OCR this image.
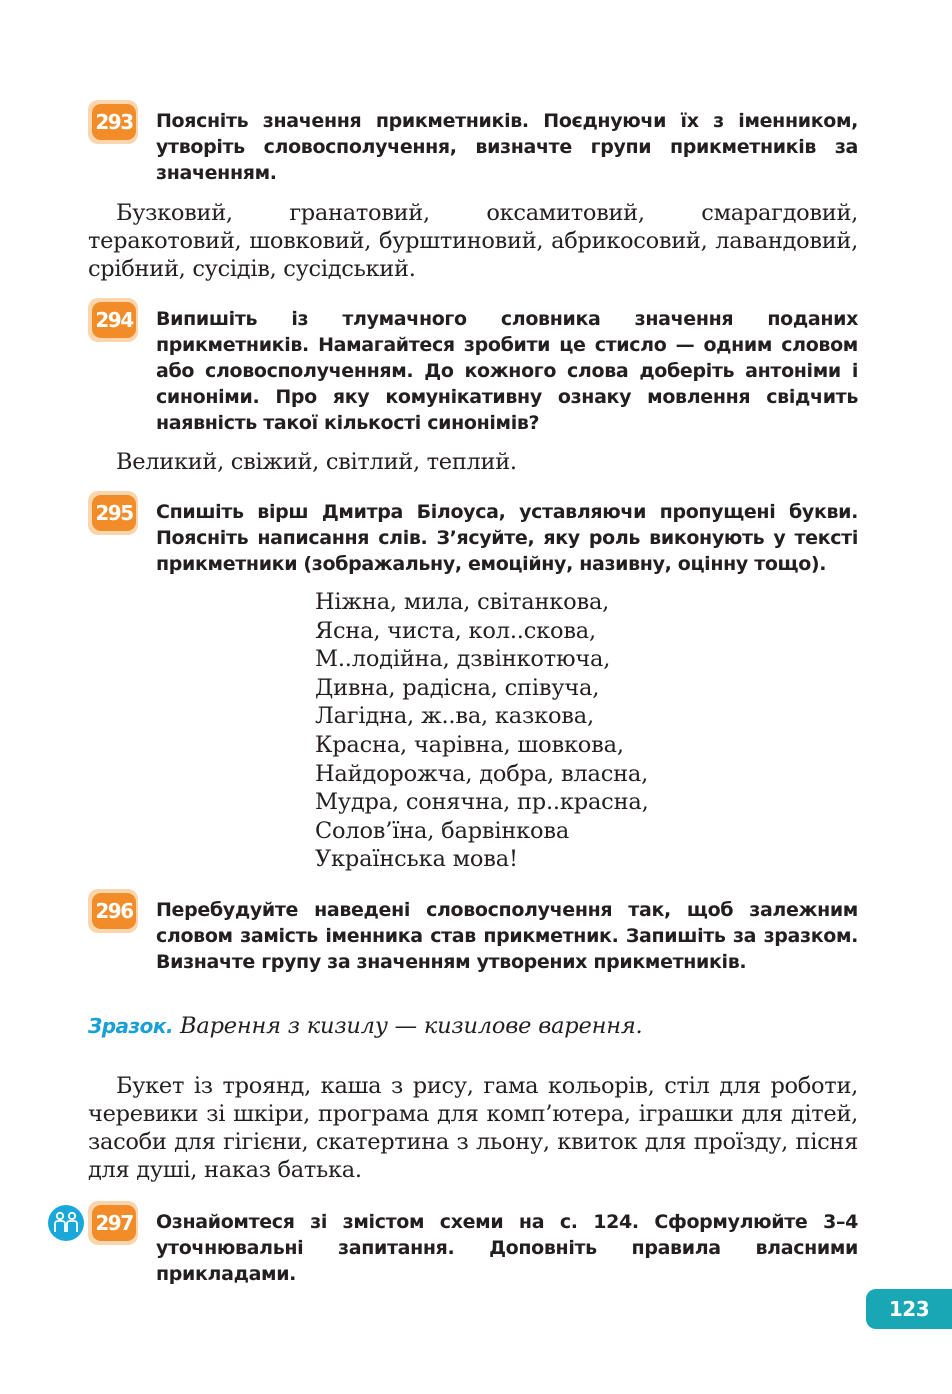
293 Поясніть значення прикметників. Поєднуючи їх з іменником, утворіть словосполучення, визначте групи прикметників за значенням.
Бузковий, гранатовий, оксамитовий, смарагдовий, теракотовий, шовковий, бурштиновий, абрикосовий, лавандовий, срібний, сусідів, сусідський.
294 Випишіть із тлумачного словника значення поданих прикметників. Намагайтеся зробити це стисло — одним словом або словосполученням. До кожного слова доберіть антоніми і синоніми. Про яку комунікативну ознаку мовлення свідчить наявність такої кількості синонімів?
Великий, свіжий, світлий, теплий.
295 Спишіть вірш Дмитра Білоуса, уставляючи пропущені букви. Поясніть написання слів. З’ясуйте, яку роль виконують у тексті прикметники (зображальну, емоційну, називну, оцінну тощо).
Ніжна, мила, світанкова,
Ясна, чиста, кол..скова,
М..лодійна, дзвінкотюча,
Дивна, радісна, співуча,
Лагідна, ж..ва, казкова,
Красна, чарівна, шовкова,
Найдорожча, добра, власна,
Мудра, сонячна, пр..красна,
Солов’їна, барвінкова
Українська мова!
296 Перебудуйте наведені словосполучення так, щоб залежним словом замість іменника став прикметник. Запишіть за зразком. Визначте групу за значенням утворених прикметників.
Зразок. Варення з кизилу — кизилове варення.
Букет із троянд, каша з рису, гама кольорів, стіл для роботи, черевики зі шкіри, програма для комп’ютера, іграшки для дітей, засоби для гігієни, скатертина з льону, квиток для проїзду, пісня для душі, наказ батька.
297 Ознайомтеся зі змістом схеми на с. 124. Сформулюйте 3–4 уточнювальні запитання. Доповніть правила власними прикладами.
123
